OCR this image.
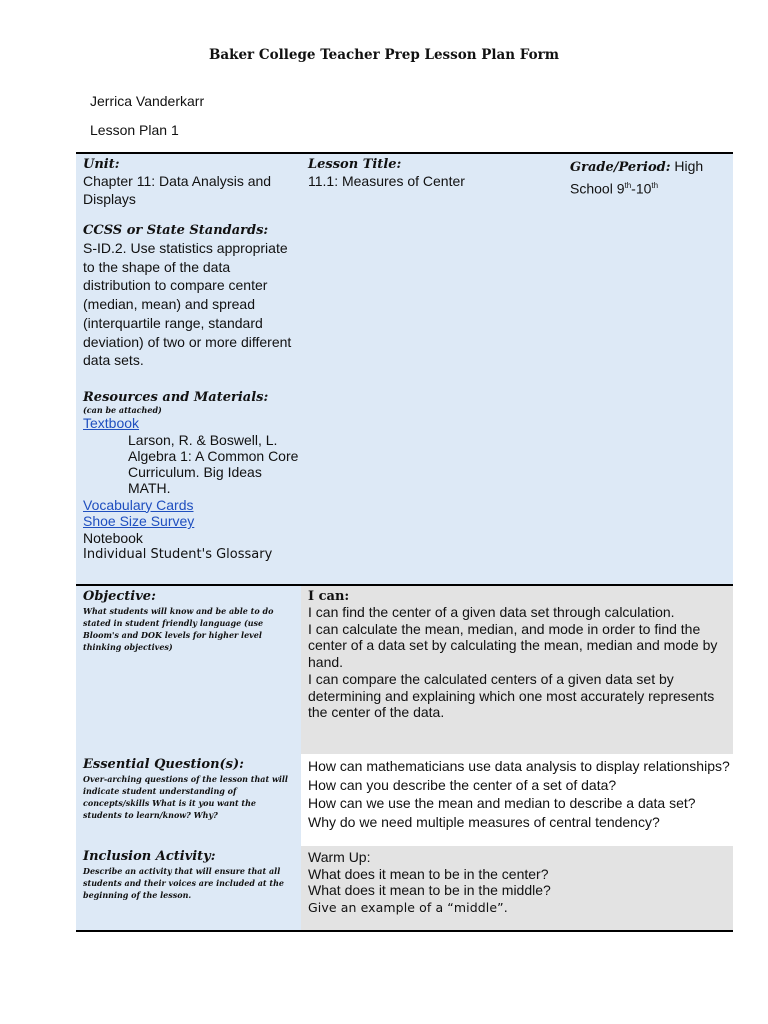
Baker College Teacher Prep Lesson Plan Form
Jerrica Vanderkarr
Lesson Plan 1
Unit:
Chapter 11: Data Analysis and Displays
Lesson Title:
11.1: Measures of Center
Grade/Period: High
School 9th-10th
CCSS or State Standards:
S-ID.2. Use statistics appropriate to the shape of the data distribution to compare center (median, mean) and spread (interquartile range, standard deviation) of two or more different data sets.
Resources and Materials:
(can be attached)
Textbook
Larson, R. & Boswell, L. Algebra 1: A Common Core Curriculum. Big Ideas MATH.
Vocabulary Cards
Shoe Size Survey
Notebook
Individual Student's Glossary
Objective:
What students will know and be able to do stated in student friendly language (use Bloom's and DOK levels for higher level thinking objectives)
I can:
I can find the center of a given data set through calculation.
I can calculate the mean, median, and mode in order to find the center of a data set by calculating the mean, median and mode by hand.
I can compare the calculated centers of a given data set by determining and explaining which one most accurately represents the center of the data.
Essential Question(s):
Over-arching questions of the lesson that will indicate student understanding of concepts/skills What is it you want the students to learn/know? Why?
How can mathematicians use data analysis to display relationships?
How can you describe the center of a set of data?
How can we use the mean and median to describe a data set?
Why do we need multiple measures of central tendency?
Inclusion Activity:
Describe an activity that will ensure that all students and their voices are included at the beginning of the lesson.
Warm Up:
What does it mean to be in the center?
What does it mean to be in the middle?
Give an example of a “middle”.
